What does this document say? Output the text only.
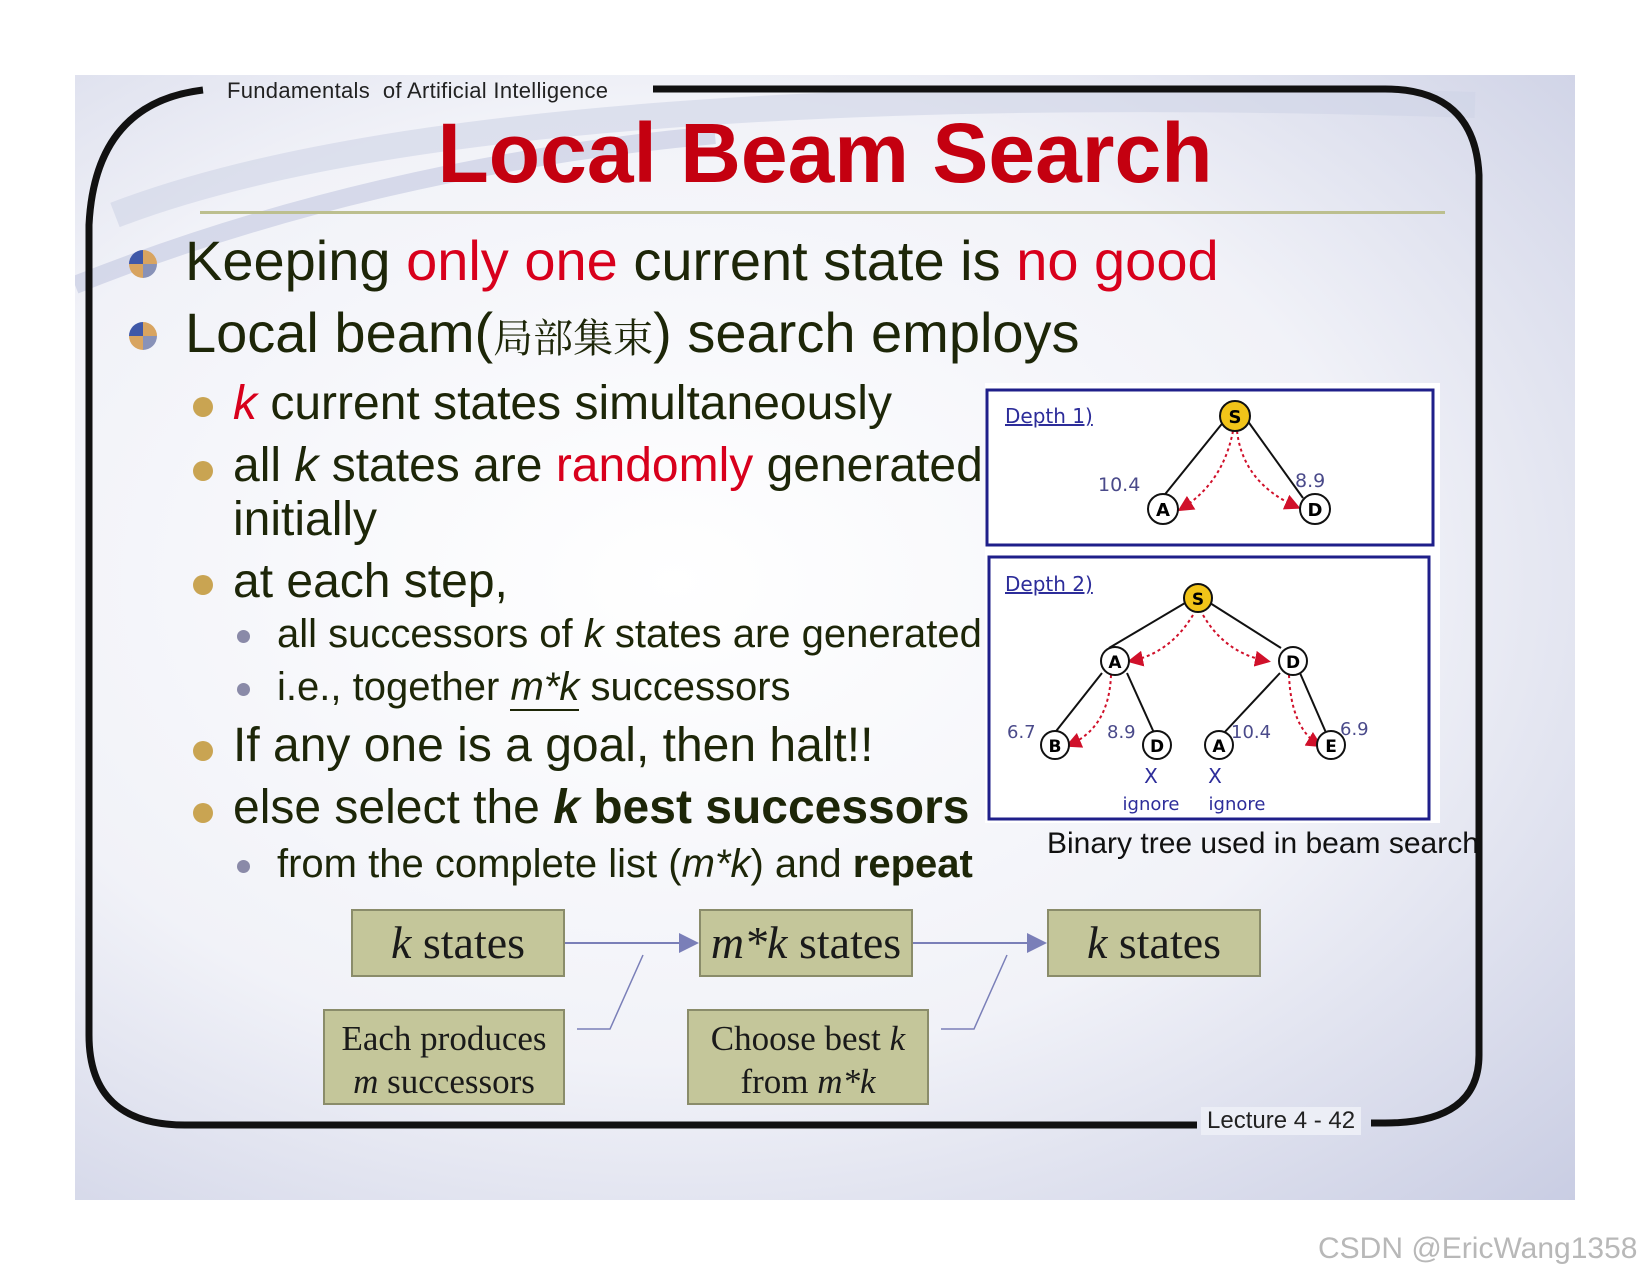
Fundamentals  of Artificial Intelligence
Local Beam Search
Keeping only one current state is no good
Local beam(局部集束) search employs
k current states simultaneously
all k states are randomly generated
initially
at each step,
all successors of k states are generated
i.e., together m*k successors
If any one is a goal, then halt!!
else select the k best successors
from the complete list (m*k) and repeat
Depth 1)	S
A	D
10.4	8.9
Depth 2)
S
A	D
B	D	A	E
6.7	8.9	10.4	6.9
X	X
ignore ignore
Binary tree used in beam search
k states	m*k states	k states
Each produces
m successors
Choose best k
from m*k
Lecture 4 - 42
CSDN @EricWang1358
